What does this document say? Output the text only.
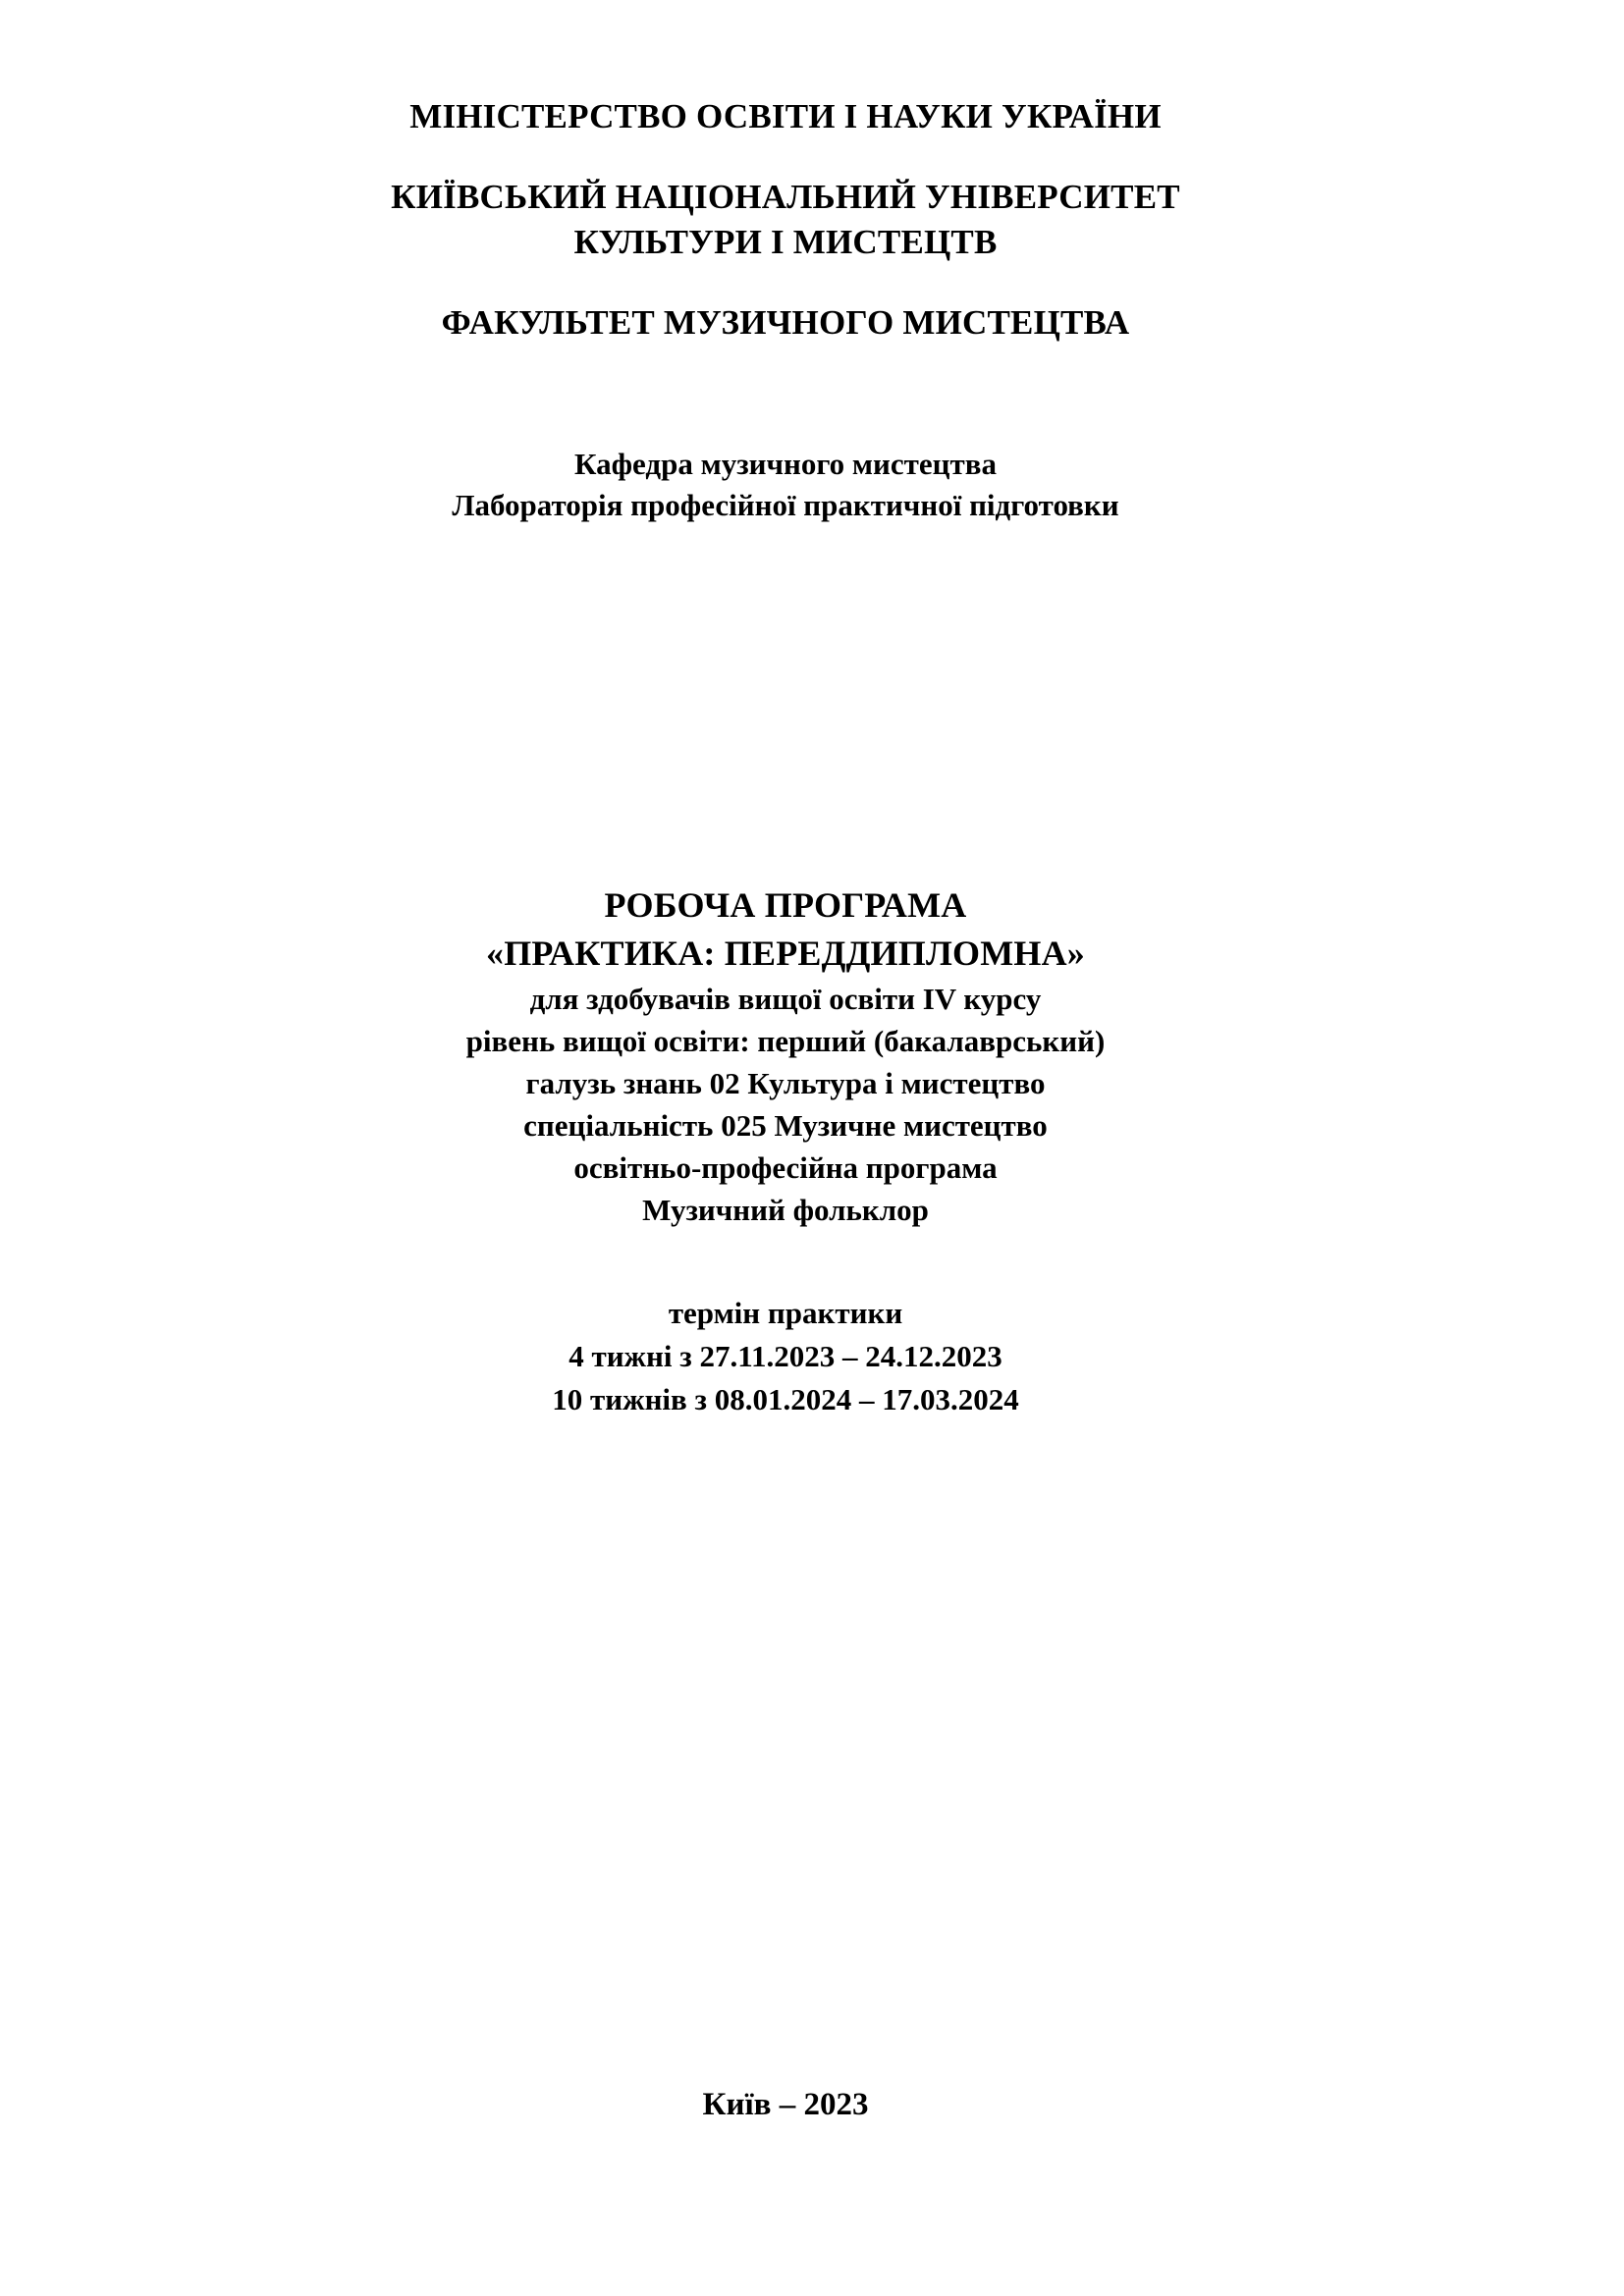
МІНІСТЕРСТВО ОСВІТИ І НАУКИ УКРАЇНИ
КИЇВСЬКИЙ НАЦІОНАЛЬНИЙ УНІВЕРСИТЕТ
КУЛЬТУРИ І МИСТЕЦТВ
ФАКУЛЬТЕТ МУЗИЧНОГО МИСТЕЦТВА
Кафедра музичного мистецтва
Лабораторія професійної практичної підготовки
РОБОЧА ПРОГРАМА
«ПРАКТИКА: ПЕРЕДДИПЛОМНА»
для здобувачів вищої освіти IV курсу
рівень вищої освіти: перший (бакалаврський)
галузь знань 02 Культура і мистецтво
спеціальність 025 Музичне мистецтво
освітньо-професійна програма
Музичний фольклор
термін практики
4 тижні з 27.11.2023 – 24.12.2023
10 тижнів з 08.01.2024 – 17.03.2024
Київ – 2023
